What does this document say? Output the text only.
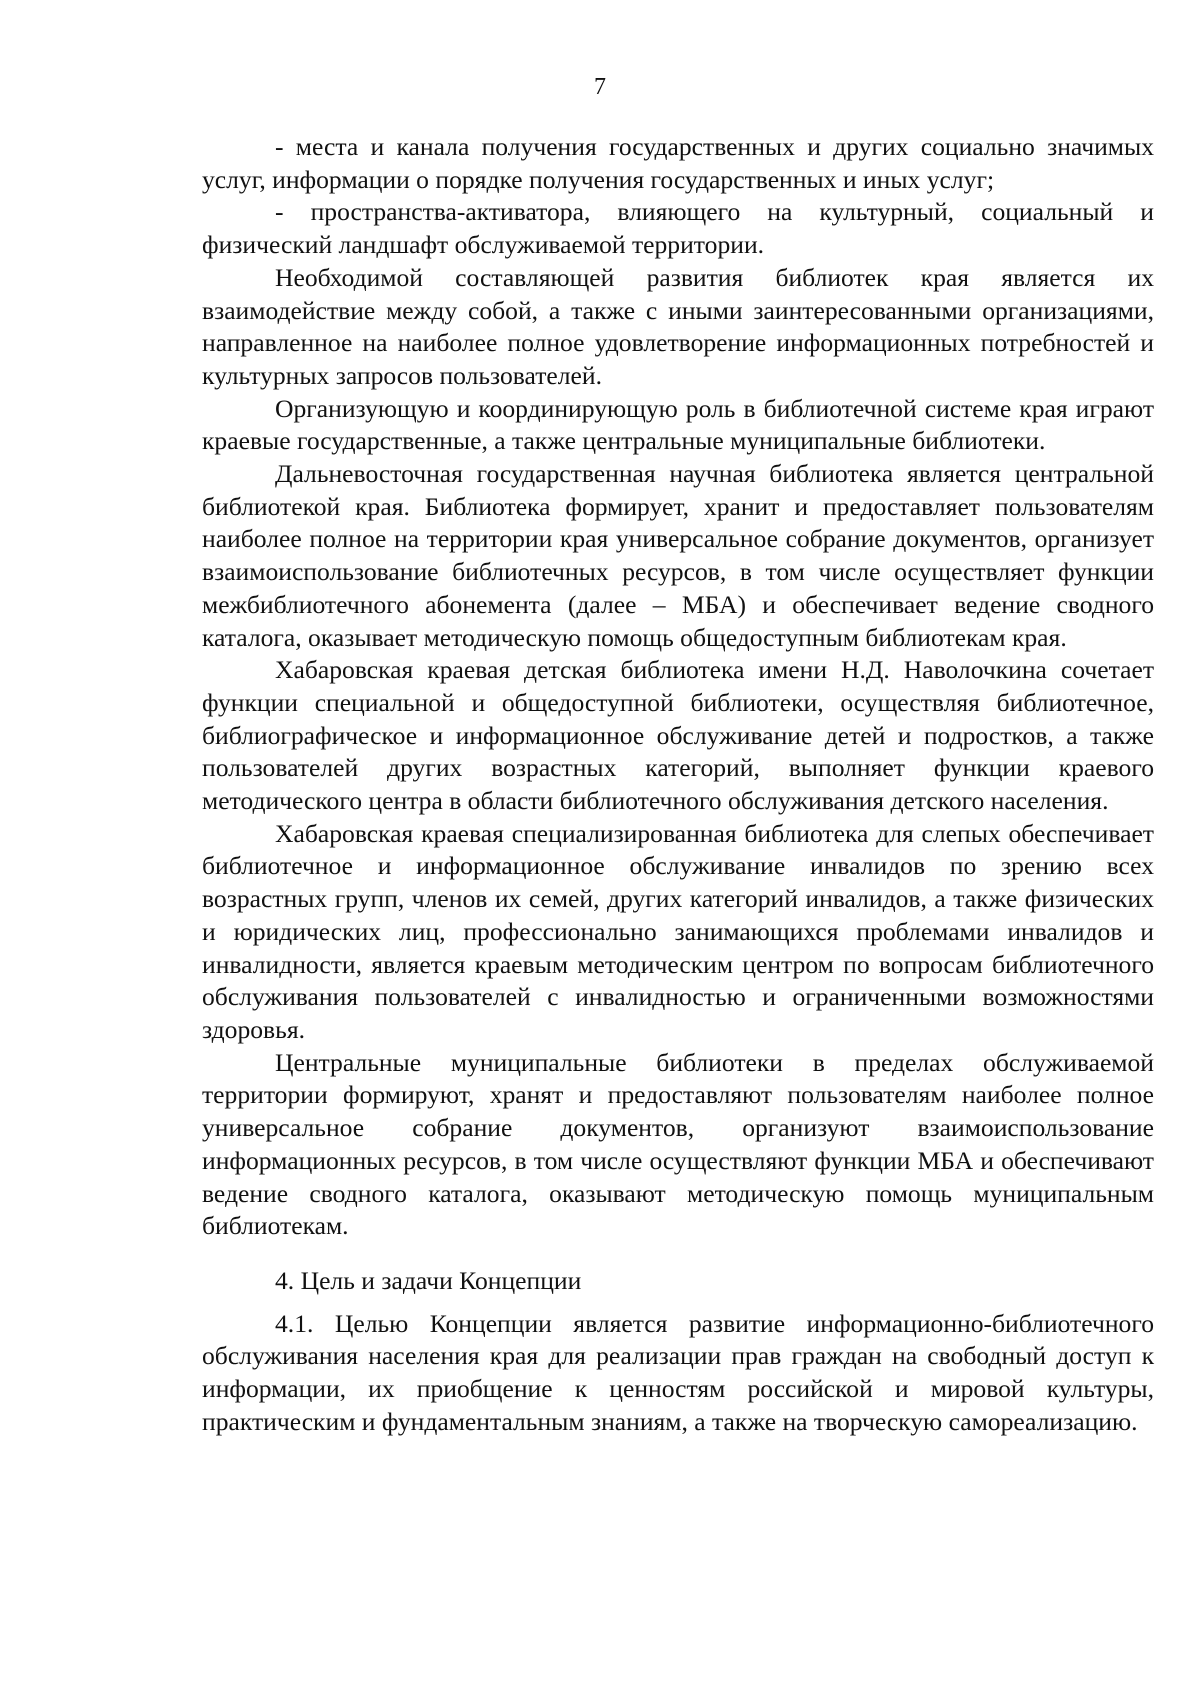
7

- места и канала получения государственных и других социально значимых услуг, информации о порядке получения государственных и иных услуг;

- пространства-активатора, влияющего на культурный, социальный и физический ландшафт обслуживаемой территории.

Необходимой составляющей развития библиотек края является их взаимодействие между собой, а также с иными заинтересованными организациями, направленное на наиболее полное удовлетворение информационных потребностей и культурных запросов пользователей.

Организующую и координирующую роль в библиотечной системе края играют краевые государственные, а также центральные муниципальные библиотеки.

Дальневосточная государственная научная библиотека является центральной библиотекой края. Библиотека формирует, хранит и предоставляет пользователям наиболее полное на территории края универсальное собрание документов, организует взаимоиспользование библиотечных ресурсов, в том числе осуществляет функции межбиблиотечного абонемента (далее – МБА) и обеспечивает ведение сводного каталога, оказывает методическую помощь общедоступным библиотекам края.

Хабаровская краевая детская библиотека имени Н.Д. Наволочкина сочетает функции специальной и общедоступной библиотеки, осуществляя библиотечное, библиографическое и информационное обслуживание детей и подростков, а также пользователей других возрастных категорий, выполняет функции краевого методического центра в области библиотечного обслуживания детского населения.

Хабаровская краевая специализированная библиотека для слепых обеспечивает библиотечное и информационное обслуживание инвалидов по зрению всех возрастных групп, членов их семей, других категорий инвалидов, а также физических и юридических лиц, профессионально занимающихся проблемами инвалидов и инвалидности, является краевым методическим центром по вопросам библиотечного обслуживания пользователей с инвалидностью и ограниченными возможностями здоровья.

Центральные муниципальные библиотеки в пределах обслуживаемой территории формируют, хранят и предоставляют пользователям наиболее полное универсальное собрание документов, организуют взаимоиспользование информационных ресурсов, в том числе осуществляют функции МБА и обеспечивают ведение сводного каталога, оказывают методическую помощь муниципальным библиотекам.

4. Цель и задачи Концепции

4.1. Целью Концепции является развитие информационно-библиотечного обслуживания населения края для реализации прав граждан на свободный доступ к информации, их приобщение к ценностям российской и мировой культуры, практическим и фундаментальным знаниям, а также на творческую самореализацию.
